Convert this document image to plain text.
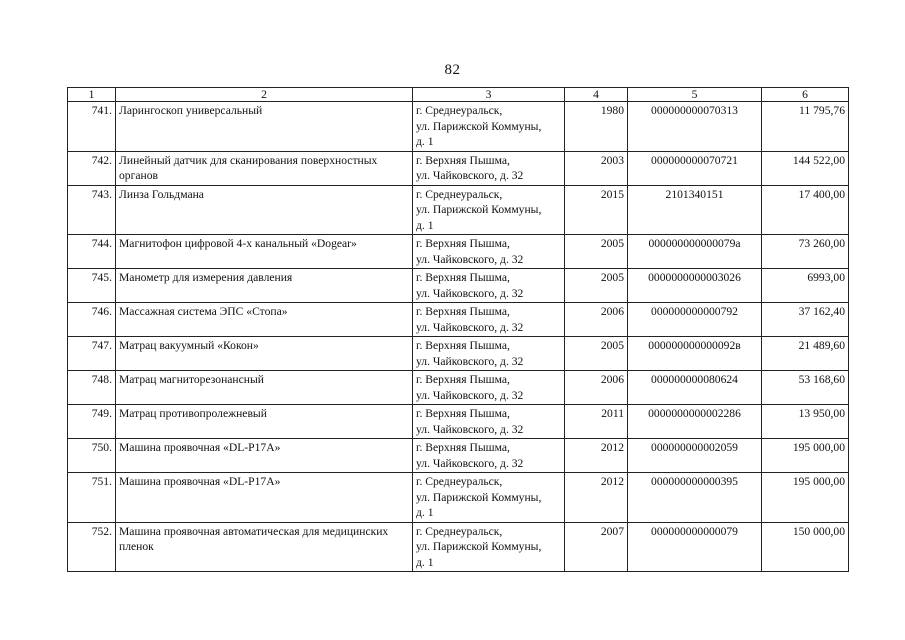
82
1	2	3	4	5	6
741.	Ларингоскоп универсальный	г. Среднеуральск,
ул. Парижской Коммуны,
д. 1	1980	000000000070313	11 795,76
742.	Линейный датчик для сканирования поверхностных органов	г. Верхняя Пышма,
ул. Чайковского, д. 32	2003	000000000070721	144 522,00
743.	Линза Гольдмана	г. Среднеуральск,
ул. Парижской Коммуны,
д. 1	2015	2101340151	17 400,00
744.	Магнитофон цифровой 4-х канальный «Dogear»	г. Верхняя Пышма,
ул. Чайковского, д. 32	2005	000000000000079а	73 260,00
745.	Манометр для измерения давления	г. Верхняя Пышма,
ул. Чайковского, д. 32	2005	0000000000003026	6993,00
746.	Массажная система ЭПС «Стопа»	г. Верхняя Пышма,
ул. Чайковского, д. 32	2006	000000000000792	37 162,40
747.	Матрац вакуумный «Кокон»	г. Верхняя Пышма,
ул. Чайковского, д. 32	2005	000000000000092в	21 489,60
748.	Матрац магниторезонансный	г. Верхняя Пышма,
ул. Чайковского, д. 32	2006	000000000080624	53 168,60
749.	Матрац противопролежневый	г. Верхняя Пышма,
ул. Чайковского, д. 32	2011	0000000000002286	13 950,00
750.	Машина проявочная «DL-P17A»	г. Верхняя Пышма,
ул. Чайковского, д. 32	2012	000000000002059	195 000,00
751.	Машина проявочная «DL-P17A»	г. Среднеуральск,
ул. Парижской Коммуны,
д. 1	2012	000000000000395	195 000,00
752.	Машина проявочная автоматическая для медицинских пленок	г. Среднеуральск,
ул. Парижской Коммуны,
д. 1	2007	000000000000079	150 000,00
